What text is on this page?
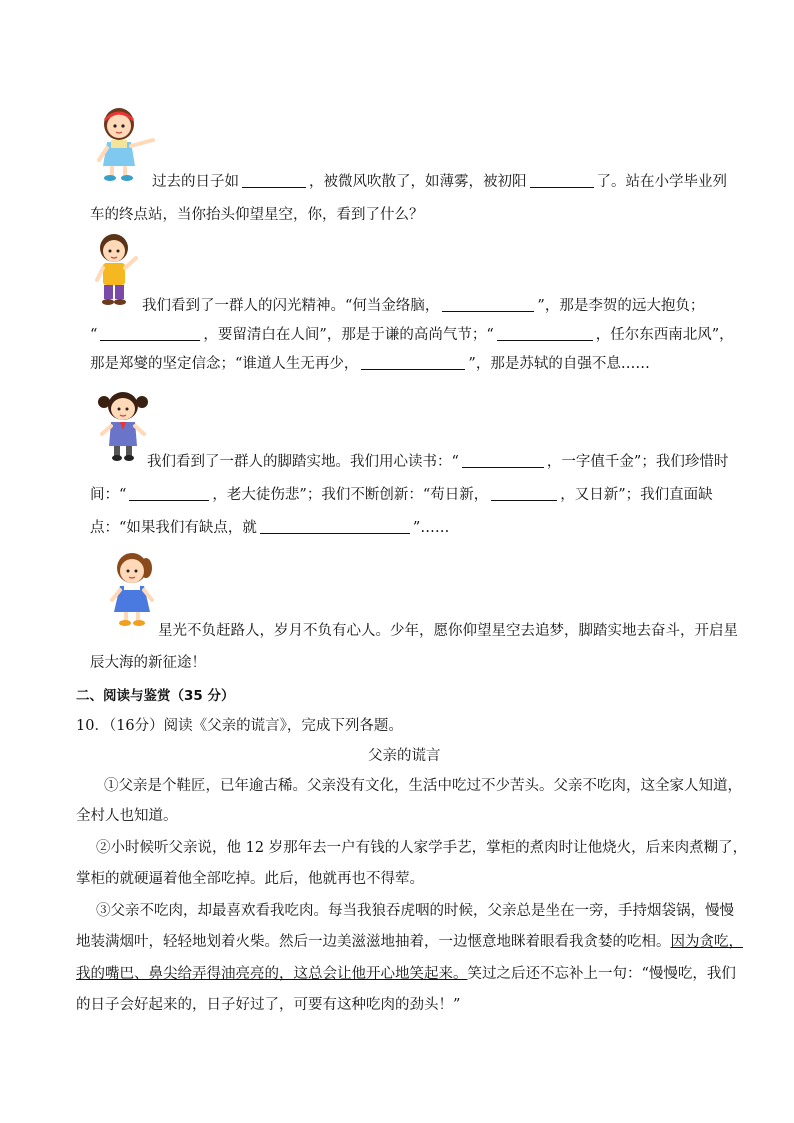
过去的日子如	，被微风吹散了，如薄雾，被初阳	了。站在小学毕业列
车的终点站，当你抬头仰望星空，你，看到了什么？
我们看到了一群人的闪光精神。“何当金络脑，	”，那是李贺的远大抱负；
“	，要留清白在人间”，那是于谦的高尚气节；“	，任尔东西南北风”，
那是郑燮的坚定信念；“谁道人生无再少，	”，那是苏轼的自强不息……
我们看到了一群人的脚踏实地。我们用心读书：“	，一字值千金”；我们珍惜时
间：“	，老大徒伤悲”；我们不断创新：“苟日新，	，又日新”；我们直面缺
点：“如果我们有缺点，就	”……
星光不负赶路人，岁月不负有心人。少年，愿你仰望星空去追梦，脚踏实地去奋斗，开启星
辰大海的新征途！
二、阅读与鉴赏（35 分）
10．（16分）阅读《父亲的谎言》，完成下列各题。
父亲的谎言
①父亲是个鞋匠，已年逾古稀。父亲没有文化，生活中吃过不少苦头。父亲不吃肉，这全家人知道，
全村人也知道。
②小时候听父亲说，他 12 岁那年去一户有钱的人家学手艺，掌柜的煮肉时让他烧火，后来肉煮糊了，
掌柜的就硬逼着他全部吃掉。此后，他就再也不得荤。
③父亲不吃肉，却最喜欢看我吃肉。每当我狼吞虎咽的时候，父亲总是坐在一旁，手持烟袋锅，慢慢
地装满烟叶，轻轻地划着火柴。然后一边美滋滋地抽着，一边惬意地眯着眼看我贪婪的吃相。因为贪吃，
我的嘴巴、鼻尖给弄得油亮亮的，这总会让他开心地笑起来。笑过之后还不忘补上一句：“慢慢吃，我们
的日子会好起来的，日子好过了，可要有这种吃肉的劲头！”
